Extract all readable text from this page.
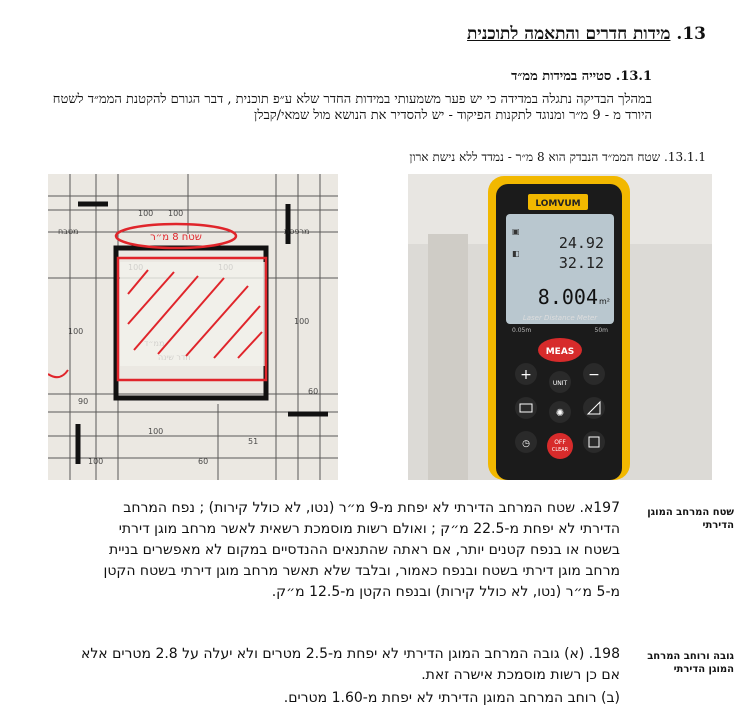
13. מידות חדרים והתאמה לתוכנית
13.1. סטייה במידות ממ״ד
במהלך הבדיקה נתגלה במדידה כי יש פער משמעותי במידות החדר שלא ע״פ תוכנית , דבר הגורם להקטנת הממ״ד לשטח היורד מ - 9 מ״ר ומנוגד לתקנות הפיקוד - יש להסדיר את הנושא מול שמאי/קבלן
13.1.1. שטח הממ״ד הנבדק הוא 8 מ״ר - נמדד ללא נישת ארון
100 100
100
100
90
60
100
60
51
100
מטבח	מרפסת
שטח 8 מ״ר
LOMVUM
24.92
32.12
8.004 m²
▣
◧
Laser Distance Meter
0.05m	50m
MEAS
+	−
UNIT
✺
◷	OFF
CLEAR
שטח המרחב המוגן הדירתי
197א. שטח המרחב הדירתי לא יפחת מ-9 מ״ר (נטו, לא כולל קירות) ; נפח המרחב הדירתי לא יפחת מ-22.5 מ״ק ; ואולם רשות מוסמכת רשאית לאשר מרחב מוגן דירתי בשטח או בנפח קטנים יותר, אם ראתה שהתנאים ההנדסיים במקום לא מאפשרים בניית מרחב מוגן דירתי בשטח ובנפח כאמור, ובלבד שלא תאשר מרחב מוגן דירתי בשטח הקטן מ-5 מ״ר (נטו, לא כולל קירות) ובנפח הקטן מ-12.5 מ״ק.
גובה ורוחב המרחב המוגן הדירתי
198. (א) גובה המרחב המוגן הדירתי לא יפחת מ-2.5 מטרים ולא יעלה על 2.8 מטרים אלא אם כן רשות מוסמכת אישרה זאת.
(ב) רוחב המרחב המוגן הדירתי לא יפחת מ-1.60 מטרים.
